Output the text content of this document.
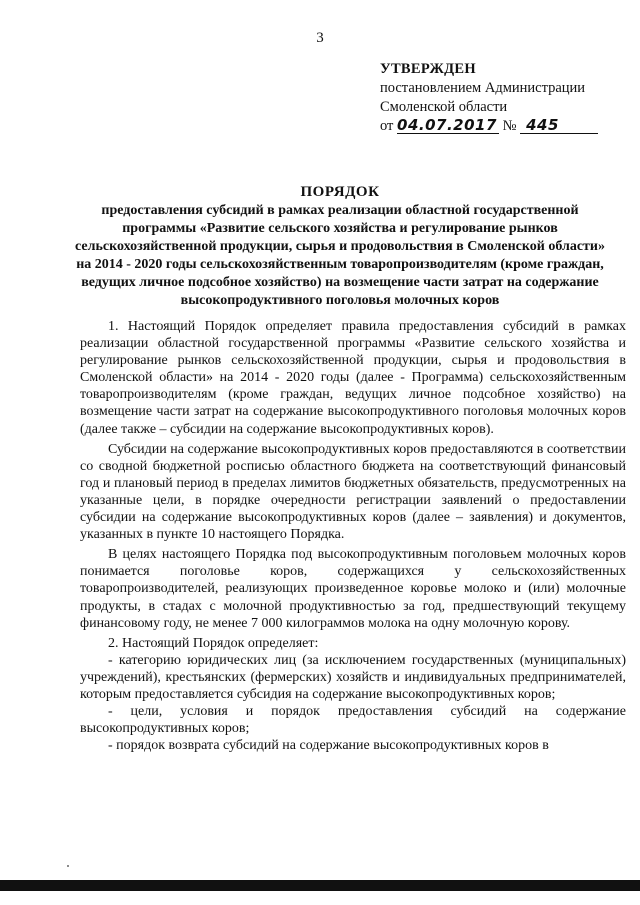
3
УТВЕРЖДЕН
постановлением Администрации
Смоленской области
от 04.07.2017 № 445
ПОРЯДОК
предоставления субсидий в рамках реализации областной государственной программы «Развитие сельского хозяйства и регулирование рынков сельскохозяйственной продукции, сырья и продовольствия в Смоленской области» на 2014 - 2020 годы сельскохозяйственным товаропроизводителям (кроме граждан, ведущих личное подсобное хозяйство) на возмещение части затрат на содержание высокопродуктивного поголовья молочных коров

1. Настоящий Порядок определяет правила предоставления субсидий в рамках реализации областной государственной программы «Развитие сельского хозяйства и регулирование рынков сельскохозяйственной продукции, сырья и продовольствия в Смоленской области» на 2014 - 2020 годы (далее - Программа) сельскохозяйственным товаропроизводителям (кроме граждан, ведущих личное подсобное хозяйство) на возмещение части затрат на содержание высокопродуктивного поголовья молочных коров (далее также – субсидии на содержание высокопродуктивных коров).

Субсидии на содержание высокопродуктивных коров предоставляются в соответствии со сводной бюджетной росписью областного бюджета на соответствующий финансовый год и плановый период в пределах лимитов бюджетных обязательств, предусмотренных на указанные цели, в порядке очередности регистрации заявлений о предоставлении субсидии на содержание высокопродуктивных коров (далее – заявления) и документов, указанных в пункте 10 настоящего Порядка.

В целях настоящего Порядка под высокопродуктивным поголовьем молочных коров понимается поголовье коров, содержащихся у сельскохозяйственных товаропроизводителей, реализующих произведенное коровье молоко и (или) молочные продукты, в стадах с молочной продуктивностью за год, предшествующий текущему финансовому году, не менее 7 000 килограммов молока на одну молочную корову.

2. Настоящий Порядок определяет:

- категорию юридических лиц (за исключением государственных (муниципальных) учреждений), крестьянских (фермерских) хозяйств и индивидуальных предпринимателей, которым предоставляется субсидия на содержание высокопродуктивных коров;

- цели, условия и порядок предоставления субсидий на содержание высокопродуктивных коров;

- порядок возврата субсидий на содержание высокопродуктивных коров в
